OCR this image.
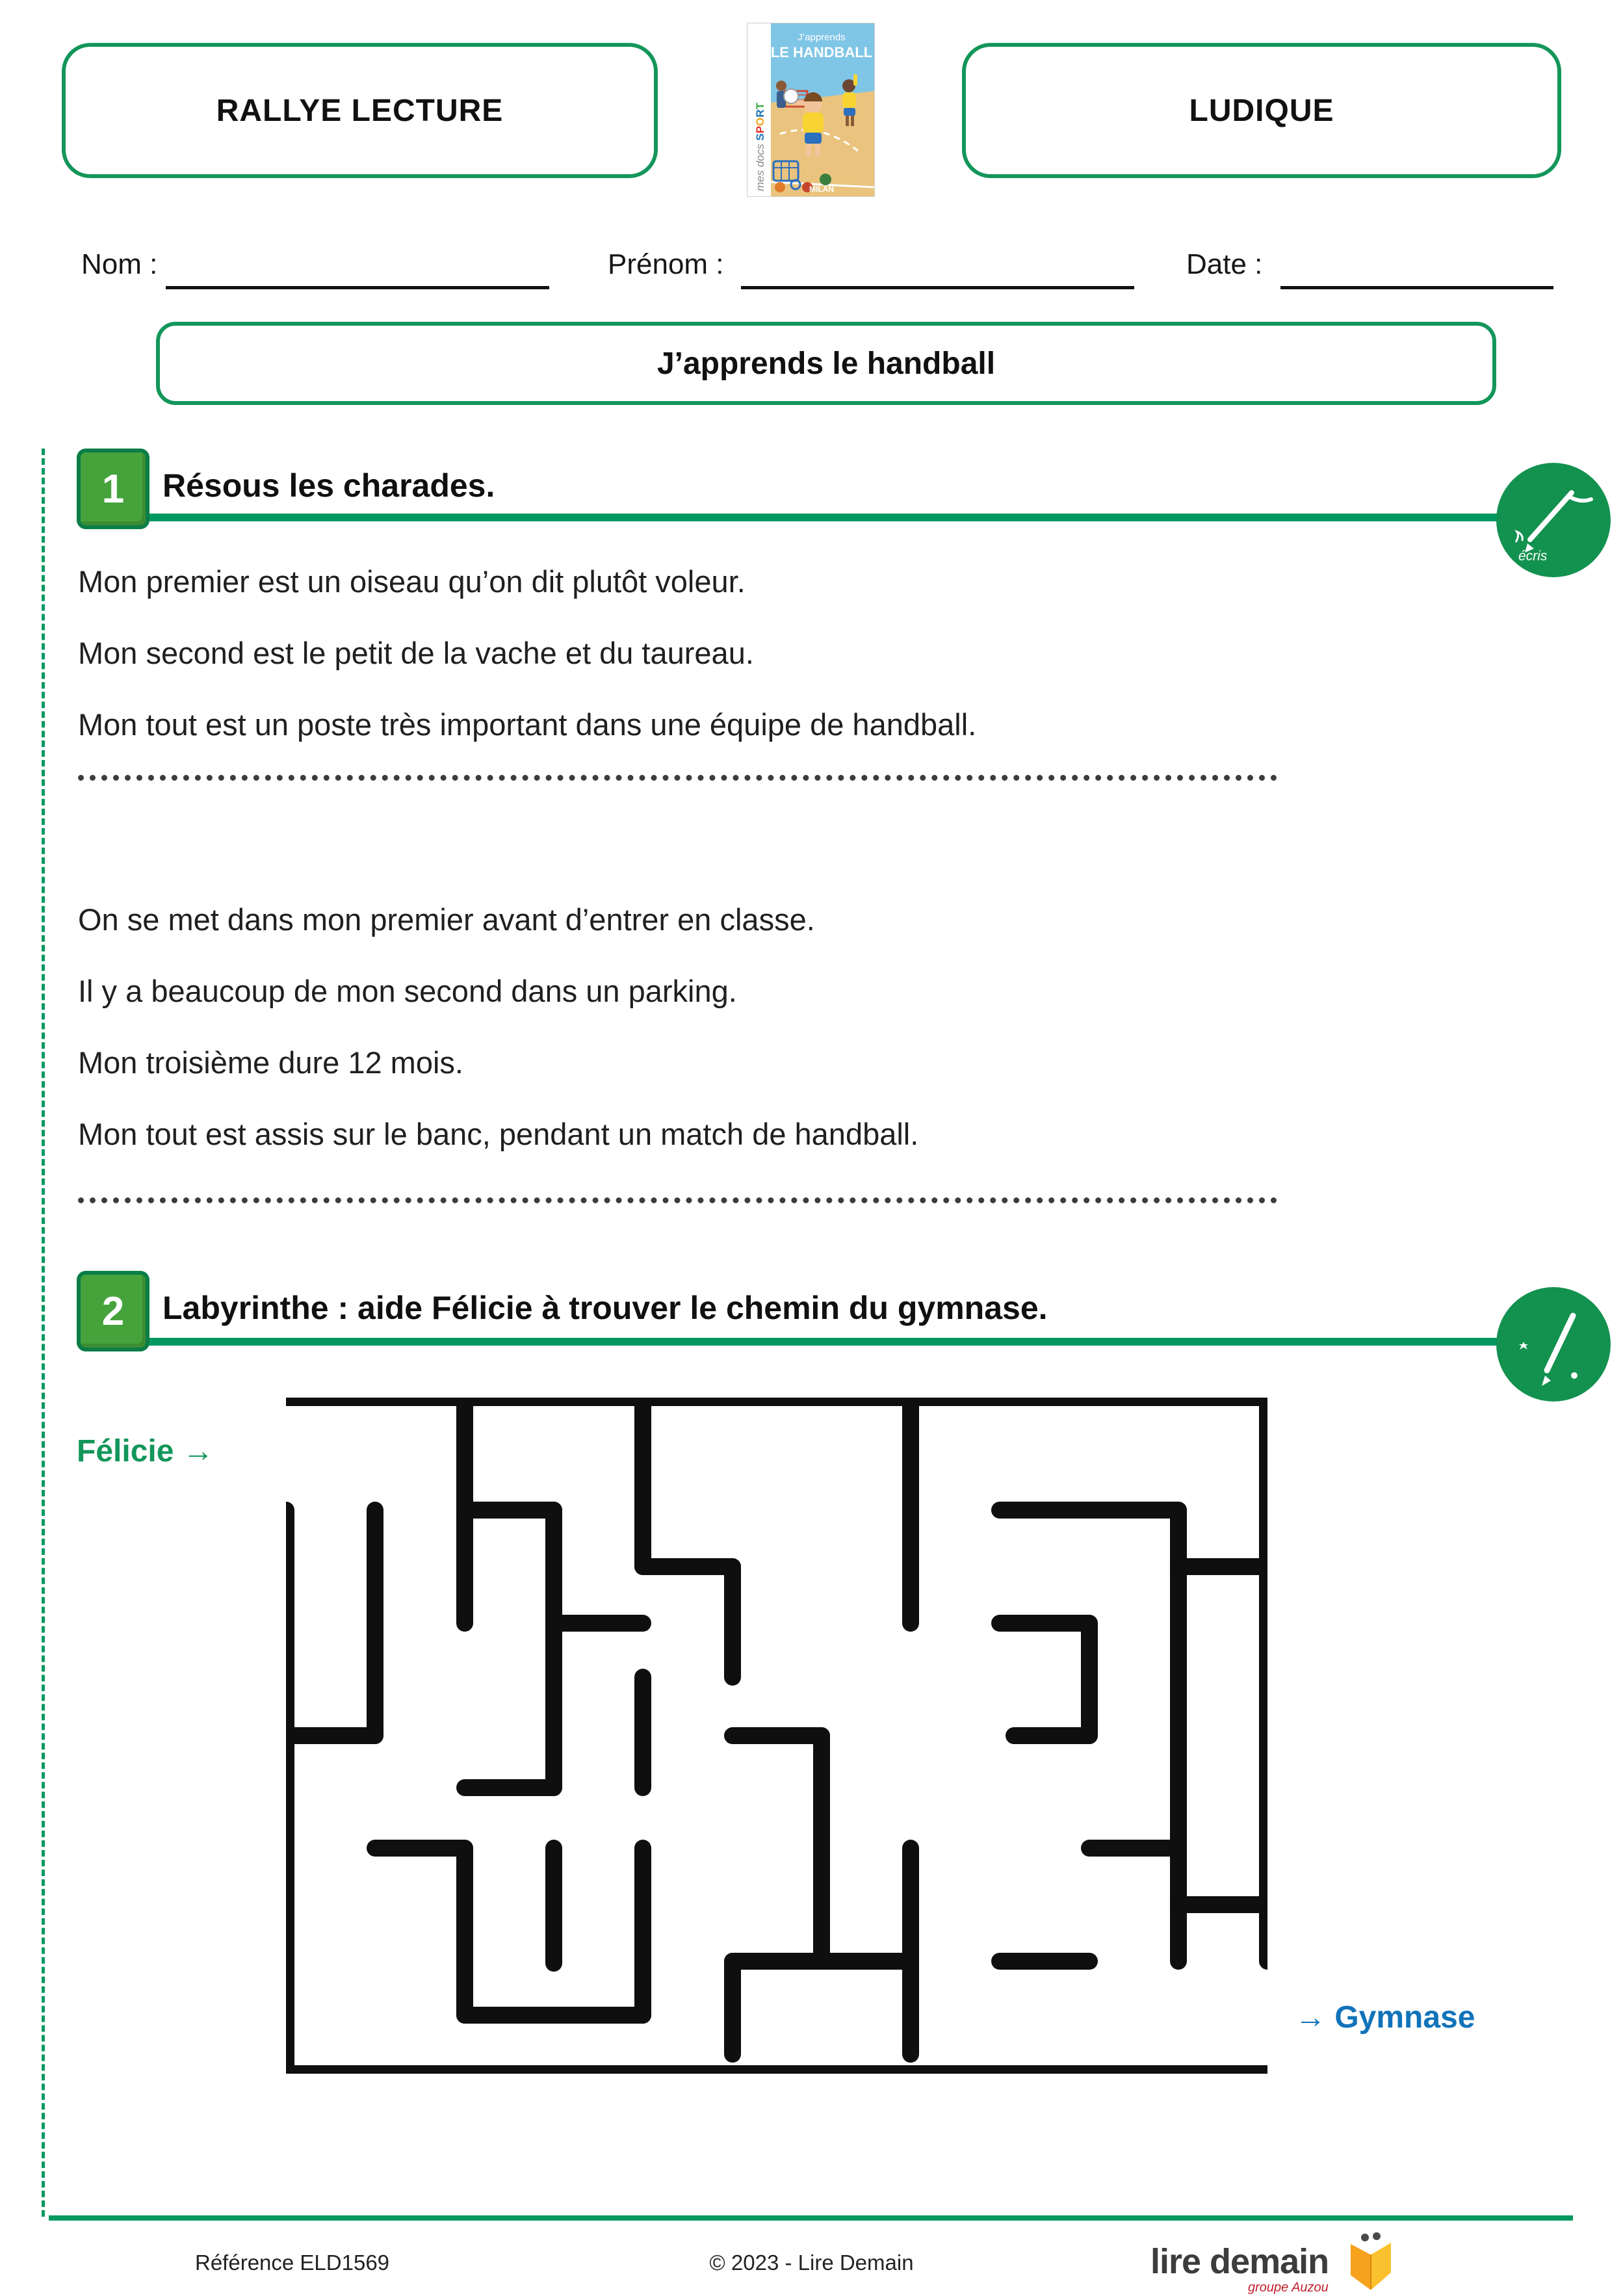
RALLYE LECTURE	LUDIQUE
mes docs SPORT
J’apprends
LE HANDBALL
MILAN
Nom :	Prénom :	Date :
J’apprends le handball
1 Résous les charades.
écris
Mon premier est un oiseau qu’on dit plutôt voleur.
Mon second est le petit de la vache et du taureau.
Mon tout est un poste très important dans une équipe de handball.
On se met dans mon premier avant d’entrer en classe.
Il y a beaucoup de mon second dans un parking.
Mon troisième dure 12 mois.
Mon tout est assis sur le banc, pendant un match de handball.
2 Labyrinthe : aide Félicie à trouver le chemin du gymnase.
Félicie →
→ Gymnase
© 2023 - Lire Demain
Référence ELD1569	lire demain
groupe Auzou
